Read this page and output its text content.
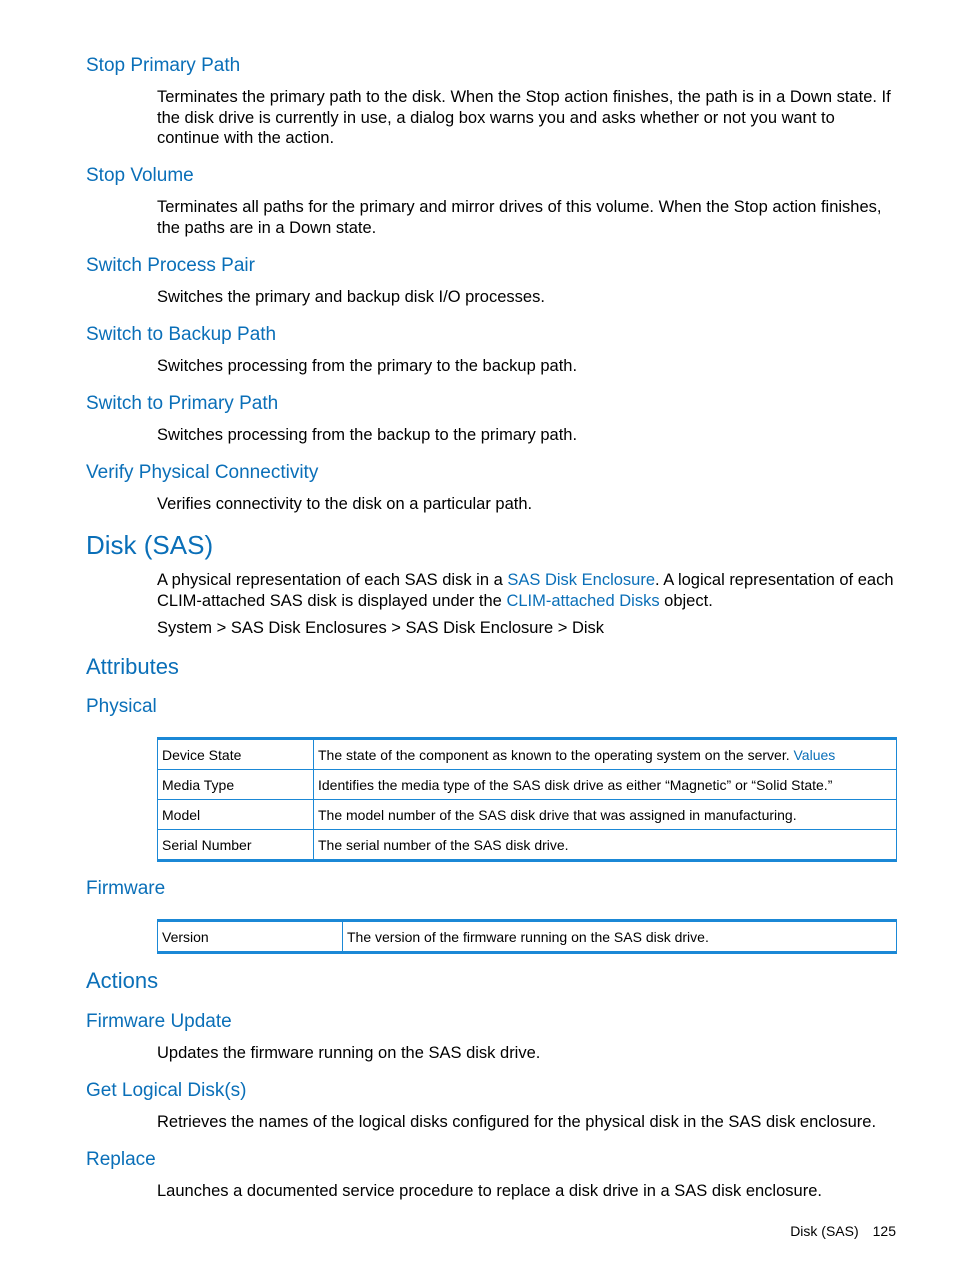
Stop Primary Path
Terminates the primary path to the disk. When the Stop action finishes, the path is in a Down state. If the disk drive is currently in use, a dialog box warns you and asks whether or not you want to continue with the action.
Stop Volume
Terminates all paths for the primary and mirror drives of this volume. When the Stop action finishes, the paths are in a Down state.
Switch Process Pair
Switches the primary and backup disk I/O processes.
Switch to Backup Path
Switches processing from the primary to the backup path.
Switch to Primary Path
Switches processing from the backup to the primary path.
Verify Physical Connectivity
Verifies connectivity to the disk on a particular path.
Disk (SAS)
A physical representation of each SAS disk in a SAS Disk Enclosure. A logical representation of each CLIM-attached SAS disk is displayed under the CLIM-attached Disks object.
System > SAS Disk Enclosures > SAS Disk Enclosure > Disk
Attributes
Physical
Device State	The state of the component as known to the operating system on the server. Values
Media Type	Identifies the media type of the SAS disk drive as either “Magnetic” or “Solid State.”
Model	The model number of the SAS disk drive that was assigned in manufacturing.
Serial Number	The serial number of the SAS disk drive.
Firmware
Version	The version of the firmware running on the SAS disk drive.
Actions
Firmware Update
Updates the firmware running on the SAS disk drive.
Get Logical Disk(s)
Retrieves the names of the logical disks configured for the physical disk in the SAS disk enclosure.
Replace
Launches a documented service procedure to replace a disk drive in a SAS disk enclosure.
Disk (SAS) 125
